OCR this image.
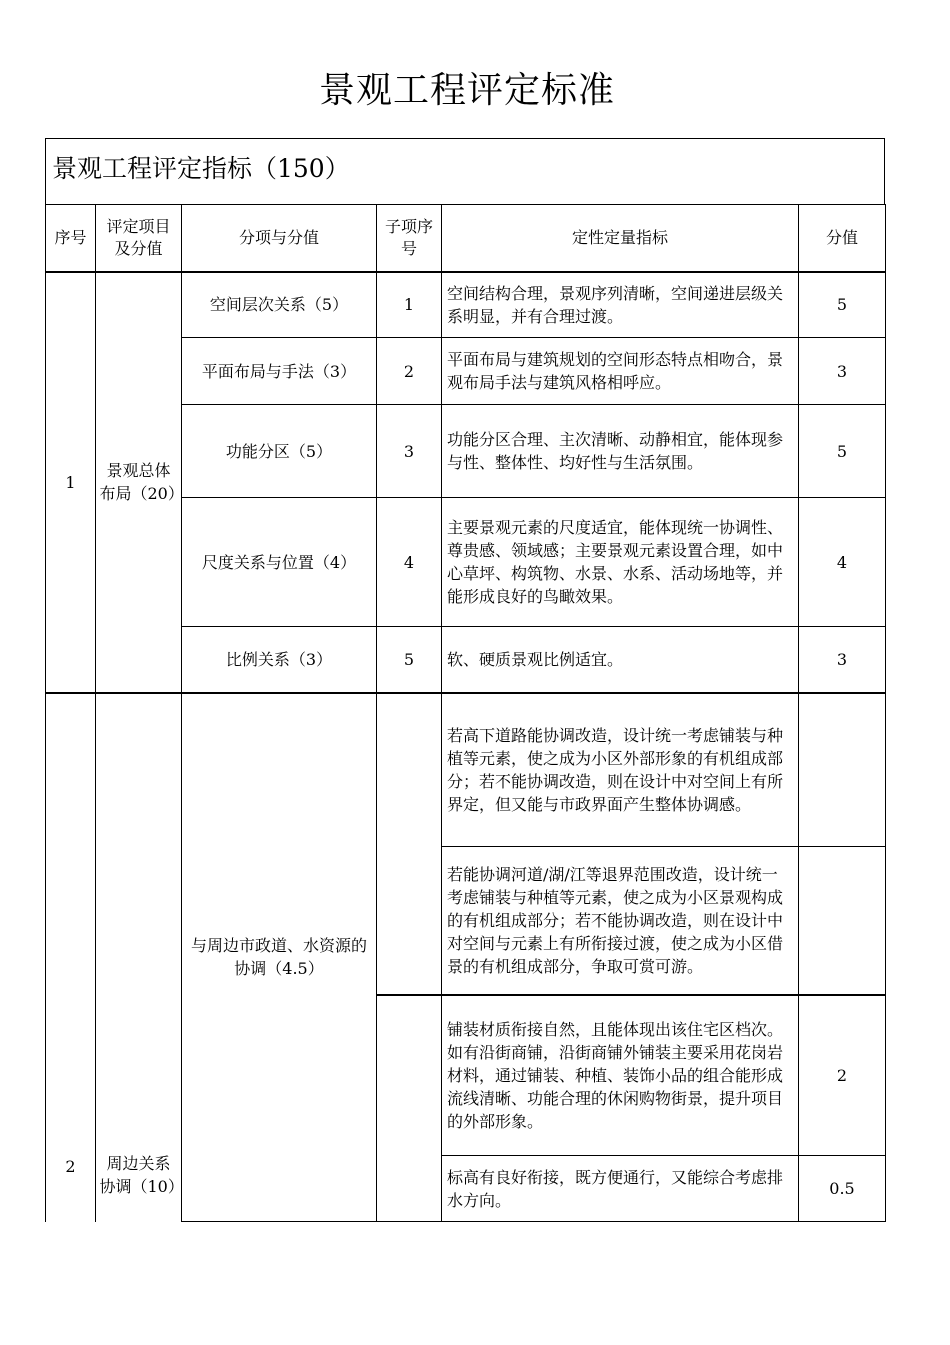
景观工程评定标准
景观工程评定指标（150）
序号	评定项目及分值	分项与分值	子项序号	定性定量指标	分值
1	景观总体布局（20）	空间层次关系（5）	1	空间结构合理，景观序列清晰，空间递进层级关系明显，并有合理过渡。	5
		平面布局与手法（3）	2	平面布局与建筑规划的空间形态特点相吻合，景观布局手法与建筑风格相呼应。	3
		功能分区（5）	3	功能分区合理、主次清晰、动静相宜，能体现参与性、整体性、均好性与生活氛围。	5
		尺度关系与位置（4）	4	主要景观元素的尺度适宜，能体现统一协调性、尊贵感、领域感；主要景观元素设置合理，如中心草坪、构筑物、水景、水系、活动场地等，并能形成良好的鸟瞰效果。	4
		比例关系（3）	5	软、硬质景观比例适宜。	3
2	周边关系协调（10）	与周边市政道、水资源的协调（4.5）		若高下道路能协调改造，设计统一考虑铺装与种植等元素，使之成为小区外部形象的有机组成部分；若不能协调改造，则在设计中对空间上有所界定，但又能与市政界面产生整体协调感。	
				若能协调河道/湖/江等退界范围改造，设计统一考虑铺装与种植等元素，使之成为小区景观构成的有机组成部分；若不能协调改造，则在设计中对空间与元素上有所衔接过渡，使之成为小区借景的有机组成部分，争取可赏可游。	
				铺装材质衔接自然，且能体现出该住宅区档次。如有沿街商铺，沿街商铺外铺装主要采用花岗岩材料，通过铺装、种植、装饰小品的组合能形成流线清晰、功能合理的休闲购物街景，提升项目的外部形象。	2
				标高有良好衔接，既方便通行，又能综合考虑排水方向。	0.5
